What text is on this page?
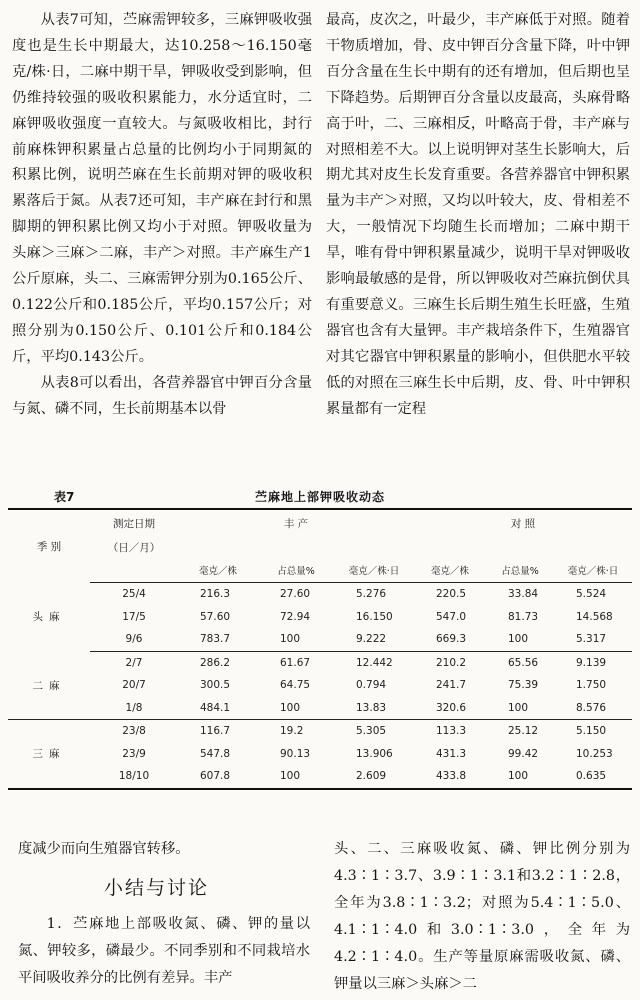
从表7可知，苎麻需钾较多，三麻钾吸收强度也是生长中期最大，达10.258～16.150毫克/株·日，二麻中期干旱，钾吸收受到影响，但仍维持较强的吸收积累能力，水分适宜时，二麻钾吸收强度一直较大。与氮吸收相比，封行前麻株钾积累量占总量的比例均小于同期氮的积累比例，说明苎麻在生长前期对钾的吸收积累落后于氮。从表7还可知，丰产麻在封行和黑脚期的钾积累比例又均小于对照。钾吸收量为头麻＞三麻＞二麻，丰产＞对照。丰产麻生产1公斤原麻，头二、三麻需钾分别为0.165公斤、0.122公斤和0.185公斤，平均0.157公斤；对照分别为0.150公斤、0.101公斤和0.184公斤，平均0.143公斤。

从表8可以看出，各营养器官中钾百分含量与氮、磷不同，生长前期基本以骨

最高，皮次之，叶最少，丰产麻低于对照。随着干物质增加，骨、皮中钾百分含量下降，叶中钾百分含量在生长中期有的还有增加，但后期也呈下降趋势。后期钾百分含量以皮最高，头麻骨略高于叶，二、三麻相反，叶略高于骨，丰产麻与对照相差不大。以上说明钾对茎生长影响大，后期尤其对皮生长发育重要。各营养器官中钾积累量为丰产＞对照，又均以叶较大，皮、骨相差不大，一般情况下均随生长而增加；二麻中期干旱，唯有骨中钾积累量减少，说明干旱对钾吸收影响最敏感的是骨，所以钾吸收对苎麻抗倒伏具有重要意义。三麻生长后期生殖生长旺盛，生殖器官也含有大量钾。丰产栽培条件下，生殖器官对其它器官中钾积累量的影响小，但供肥水平较低的对照在三麻生长中后期，皮、骨、叶中钾积累量都有一定程

表7	苎麻地上部钾吸收动态
季 别	测定日期	丰 产			对 照		
	（日／月）						
		毫克／株	占总量%	毫克／株·日	毫克／株	占总量%	毫克／株·日
头麻	25/4	216.3	27.60	5.276	220.5	33.84	5.524
	17/5	57.60	72.94	16.150	547.0	81.73	14.568
	9/6	783.7	100	9.222	669.3	100	5.317
二麻	2/7	286.2	61.67	12.442	210.2	65.56	9.139
	20/7	300.5	64.75	0.794	241.7	75.39	1.750
	1/8	484.1	100	13.83	320.6	100	8.576
三麻	23/8	116.7	19.2	5.305	113.3	25.12	5.150
	23/9	547.8	90.13	13.906	431.3	99.42	10.253
	18/10	607.8	100	2.609	433.8	100	0.635

度减少而向生殖器官转移。

小结与讨论

1．苎麻地上部吸收氮、磷、钾的量以氮、钾较多，磷最少。不同季别和不同栽培水平间吸收养分的比例有差异。丰产

头、二、三麻吸收氮、磷、钾比例分别为4.3∶1∶3.7、3.9∶1∶3.1和3.2∶1∶2.8，全年为3.8∶1∶3.2；对照为5.4∶1∶5.0、4.1∶1∶4.0和3.0∶1∶3.0，全年为4.2∶1∶4.0。生产等量原麻需吸收氮、磷、钾量以三麻＞头麻＞二
